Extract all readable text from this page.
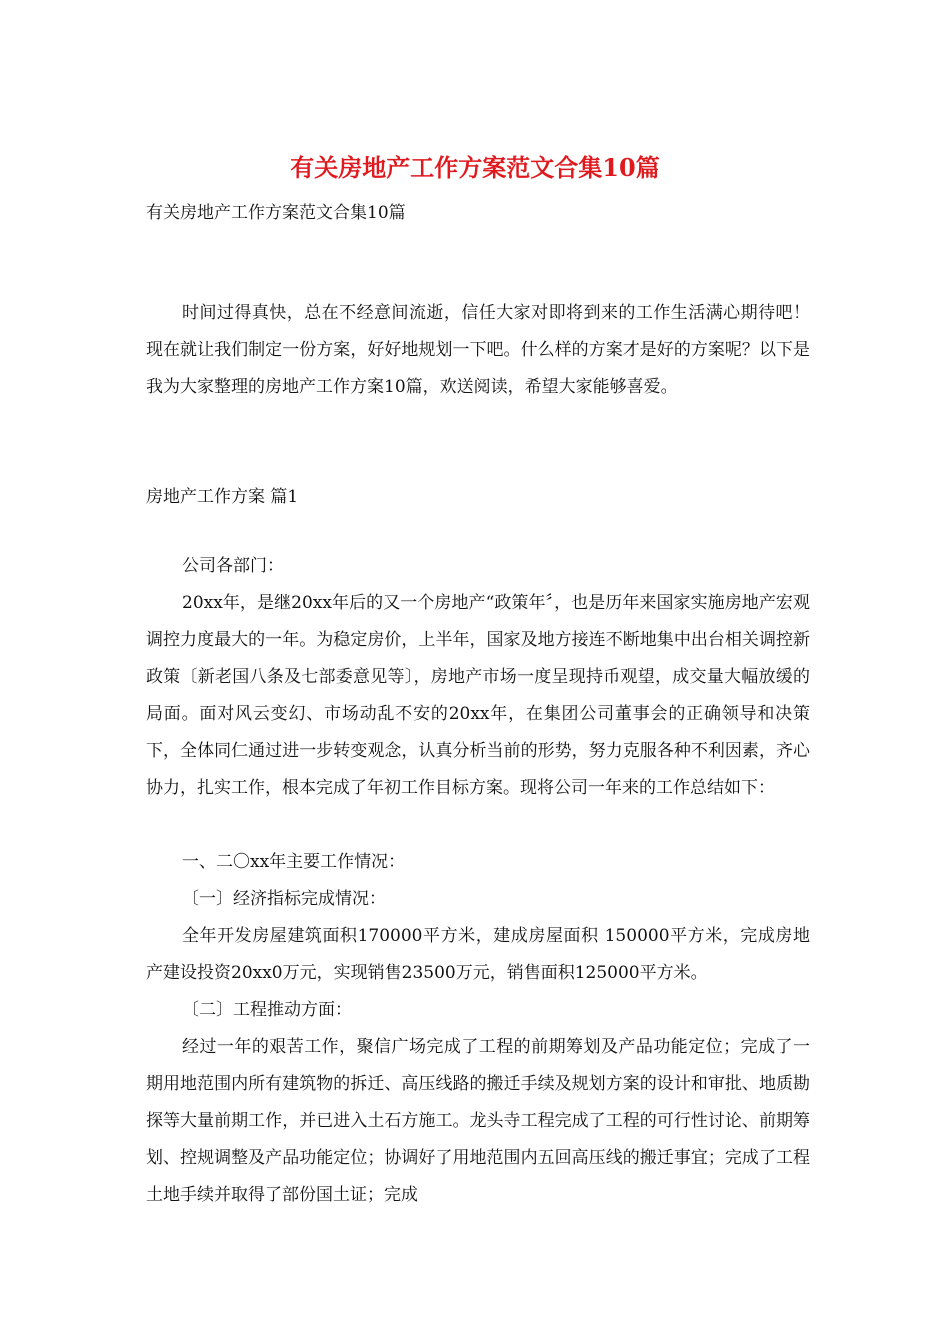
有关房地产工作方案范文合集10篇

有关房地产工作方案范文合集10篇

时间过得真快，总在不经意间流逝，信任大家对即将到来的工作生活满心期待吧！现在就让我们制定一份方案，好好地规划一下吧。什么样的方案才是好的方案呢？以下是我为大家整理的房地产工作方案10篇，欢送阅读，希望大家能够喜爱。

房地产工作方案 篇1

公司各部门：

20xx年，是继20xx年后的又一个房地产“政策年〞，也是历年来国家实施房地产宏观调控力度最大的一年。为稳定房价，上半年，国家及地方接连不断地集中出台相关调控新政策〔新老国八条及七部委意见等〕，房地产市场一度呈现持币观望，成交量大幅放缓的局面。面对风云变幻、市场动乱不安的20xx年，在集团公司董事会的正确领导和决策下，全体同仁通过进一步转变观念，认真分析当前的形势，努力克服各种不利因素，齐心协力，扎实工作，根本完成了年初工作目标方案。现将公司一年来的工作总结如下：

一、二〇xx年主要工作情况：

〔一〕经济指标完成情况：

全年开发房屋建筑面积170000平方米，建成房屋面积 150000平方米，完成房地产建设投资20xx0万元，实现销售23500万元，销售面积125000平方米。

〔二〕工程推动方面：

经过一年的艰苦工作，聚信广场完成了工程的前期筹划及产品功能定位；完成了一期用地范围内所有建筑物的拆迁、高压线路的搬迁手续及规划方案的设计和审批、地质勘探等大量前期工作，并已进入土石方施工。龙头寺工程完成了工程的可行性讨论、前期筹划、控规调整及产品功能定位；协调好了用地范围内五回高压线的搬迁事宜；完成了工程土地手续并取得了部份国土证；完成
